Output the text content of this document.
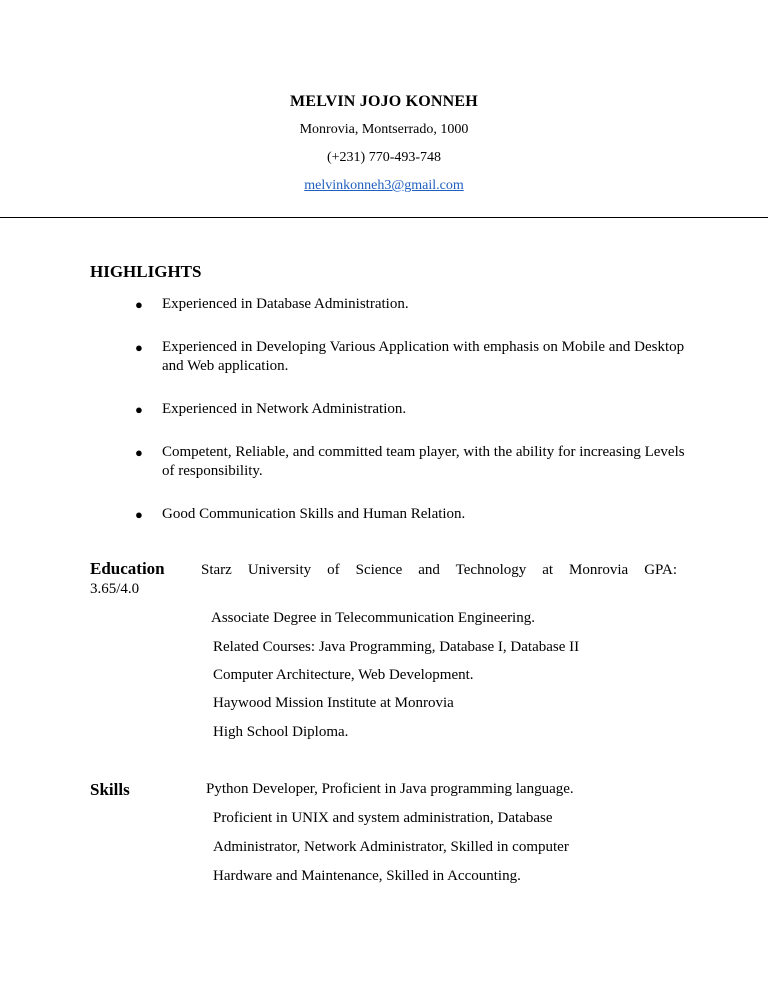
MELVIN JOJO KONNEH
Monrovia, Montserrado, 1000
(+231) 770-493-748
melvinkonneh3@gmail.com
HIGHLIGHTS
● Experienced in Database Administration.
● Experienced in Developing Various Application with emphasis on Mobile and Desktop and Web application.
● Experienced in Network Administration.
● Competent, Reliable, and committed team player, with the ability for increasing Levels of responsibility.
● Good Communication Skills and Human Relation.
Education Starz University of Science and Technology at Monrovia GPA:
3.65/4.0
Associate Degree in Telecommunication Engineering.
Related Courses: Java Programming, Database I, Database II
Computer Architecture, Web Development.
Haywood Mission Institute at Monrovia
High School Diploma.
Skills	Python Developer, Proficient in Java programming language.
Proficient in UNIX and system administration, Database
Administrator, Network Administrator, Skilled in computer
Hardware and Maintenance, Skilled in Accounting.
